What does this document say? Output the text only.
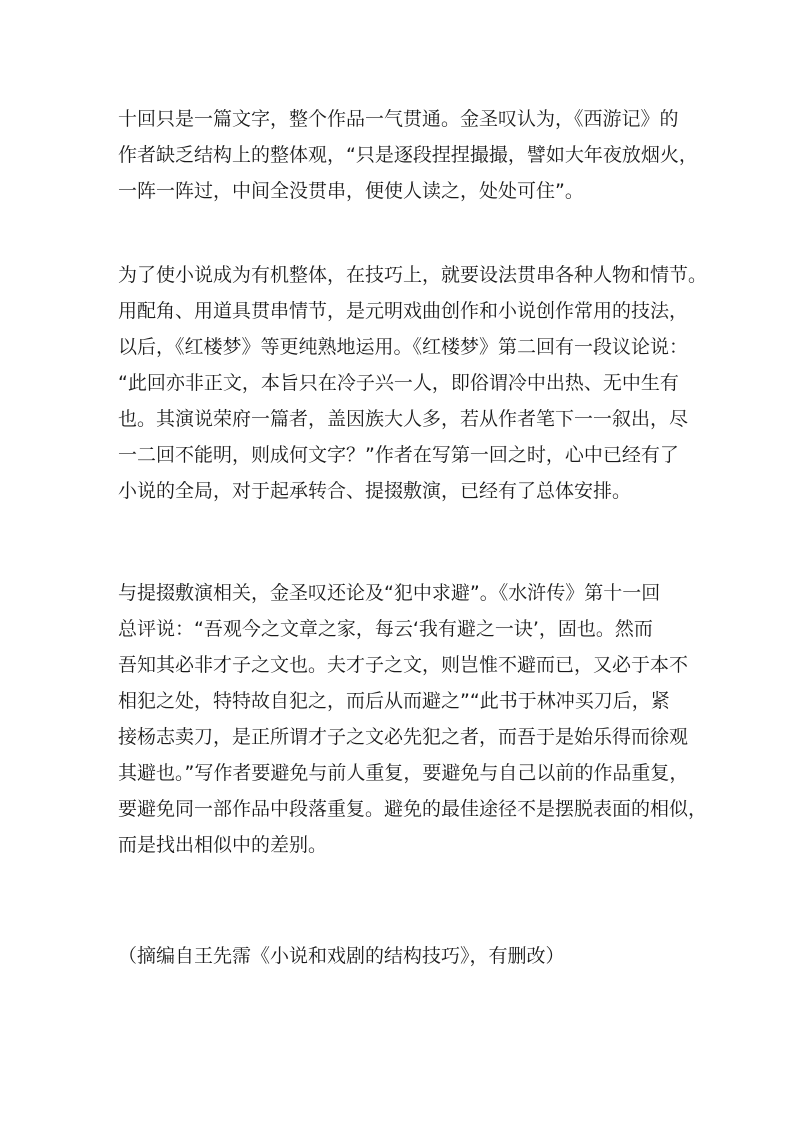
十回只是一篇文字，整个作品一气贯通。金圣叹认为，《西游记》的
作者缺乏结构上的整体观，“只是逐段捏捏撮撮，譬如大年夜放烟火，
一阵一阵过，中间全没贯串，便使人读之，处处可住”。
为了使小说成为有机整体，在技巧上，就要设法贯串各种人物和情节。
用配角、用道具贯串情节，是元明戏曲创作和小说创作常用的技法，
以后，《红楼梦》等更纯熟地运用。《红楼梦》第二回有一段议论说：
“此回亦非正文，本旨只在冷子兴一人，即俗谓冷中出热、无中生有
也。其演说荣府一篇者，盖因族大人多，若从作者笔下一一叙出，尽
一二回不能明，则成何文字？”作者在写第一回之时，心中已经有了
小说的全局，对于起承转合、提掇敷演，已经有了总体安排。
与提掇敷演相关，金圣叹还论及“犯中求避”。《水浒传》第十一回
总评说：“吾观今之文章之家，每云‘我有避之一诀’，固也。然而
吾知其必非才子之文也。夫才子之文，则岂惟不避而已，又必于本不
相犯之处，特特故自犯之，而后从而避之”“此书于林冲买刀后，紧
接杨志卖刀，是正所谓才子之文必先犯之者，而吾于是始乐得而徐观
其避也。”写作者要避免与前人重复，要避免与自己以前的作品重复，
要避免同一部作品中段落重复。避免的最佳途径不是摆脱表面的相似，
而是找出相似中的差别。
（摘编自王先霈《小说和戏剧的结构技巧》，有删改）
